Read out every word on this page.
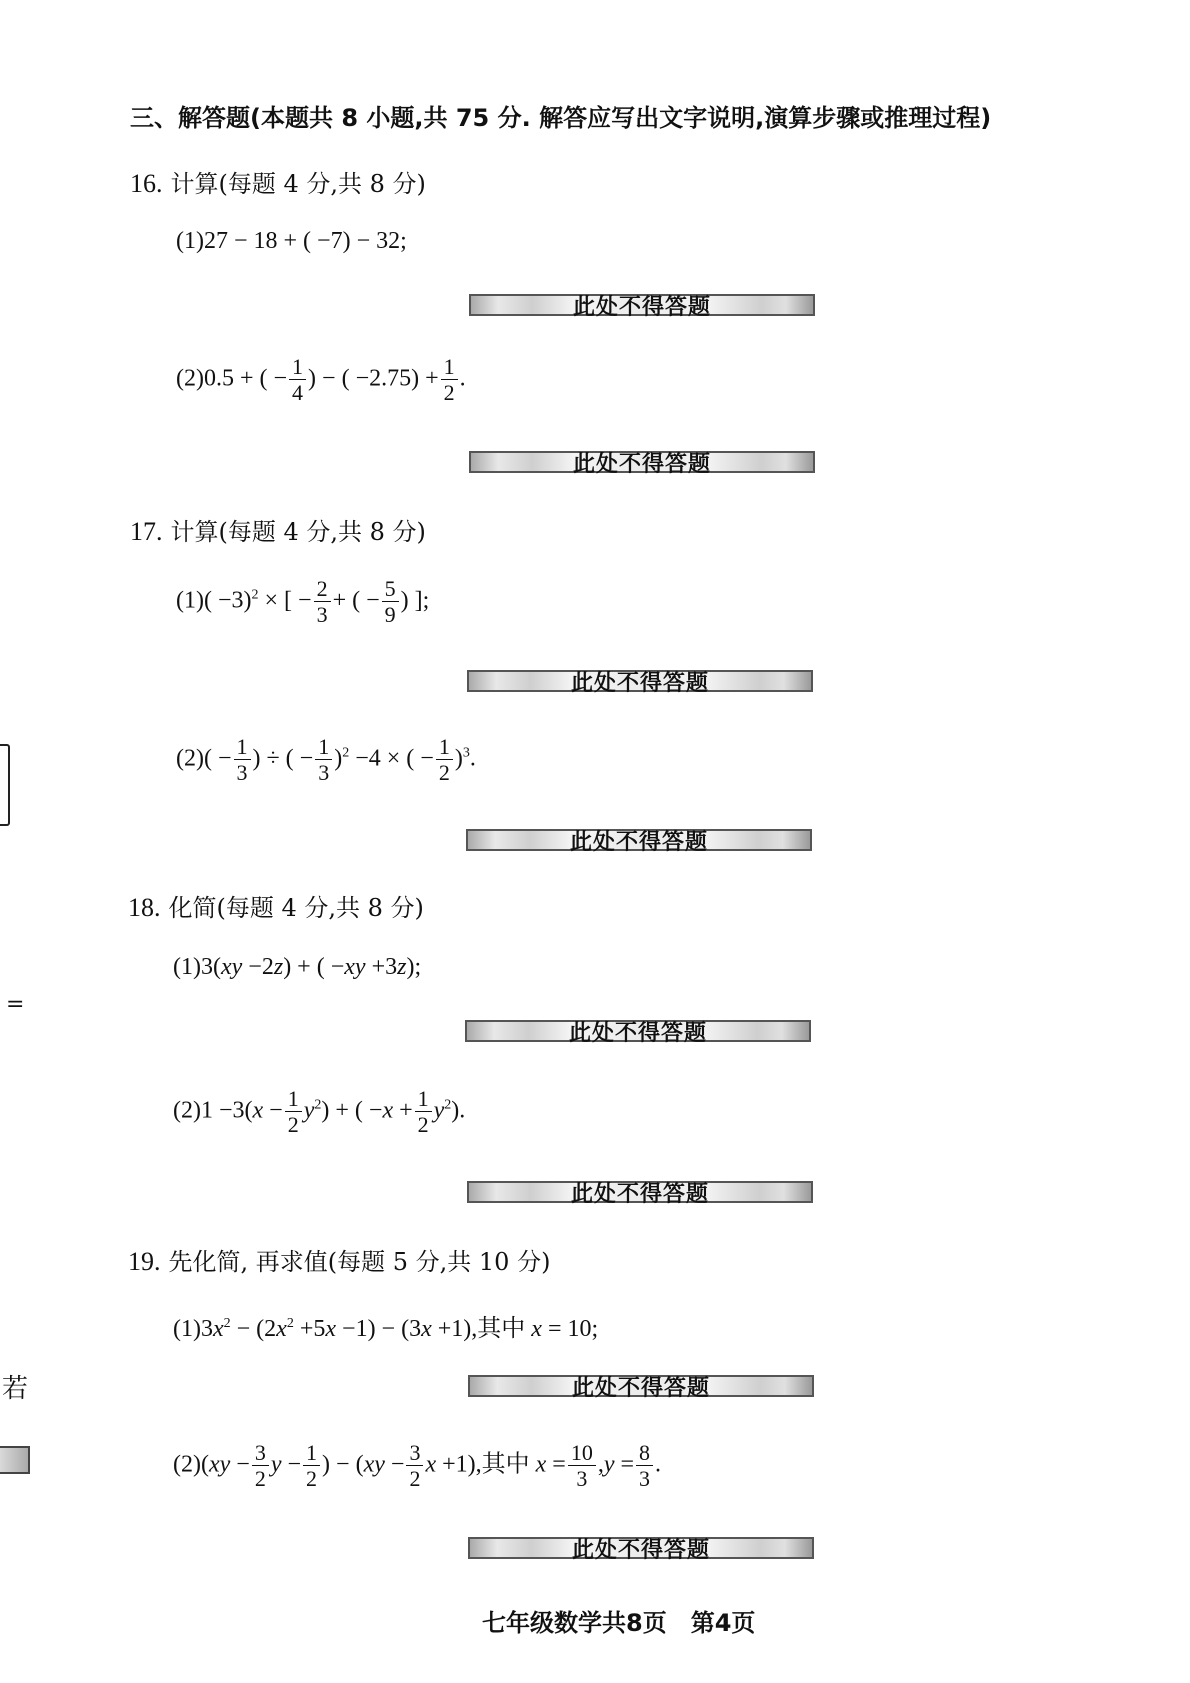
三、解答题(本题共 8 小题,共 75 分. 解答应写出文字说明,演算步骤或推理过程)
16. 计算(每题 4 分,共 8 分)
(1)27 − 18 + ( −7) − 32;
此处不得答题
(2)0.5 + ( − $\frac{1}{4}$ ) − ( $-2.75) + \frac{1}{2}$ .
此处不得答题
17. 计算(每题 4 分,共 8 分)
$(1)( -3)^2$ × [ − $\frac{2}{3}$ + ( − $\frac{5}{9}$ ) ];
此处不得答题
$(2)( - \frac{1}{3}$ ) ÷ ( − $\frac{1}{3} )^2 -4$ × ( − $\frac{1}{2} )^3$.
此处不得答题
18. 化简(每题 4 分,共 8 分)
(1)3(xy −2z) + ( −xy +3z);
此处不得答题
$(2)1 -3(x - \frac{1}{2} y^2)$ + ( $-x + \frac{1}{2} y^2$).
此处不得答题
19. 先化简, 再求值(每题 5 分,共 10 分)
$(1)3x^2 - (2x^2 +5x -1) - (3x +1)$,其中 x = 10;
此处不得答题
$(2)(xy - \frac{3}{2}$ $y - \frac{1}{2}$ ) − ($xy - \frac{3}{2}$ x +1),其中 $x = \frac{10}{3} ,y = \frac{8}{3}$ .
此处不得答题
=
若
七年级数学共8页　第4页
